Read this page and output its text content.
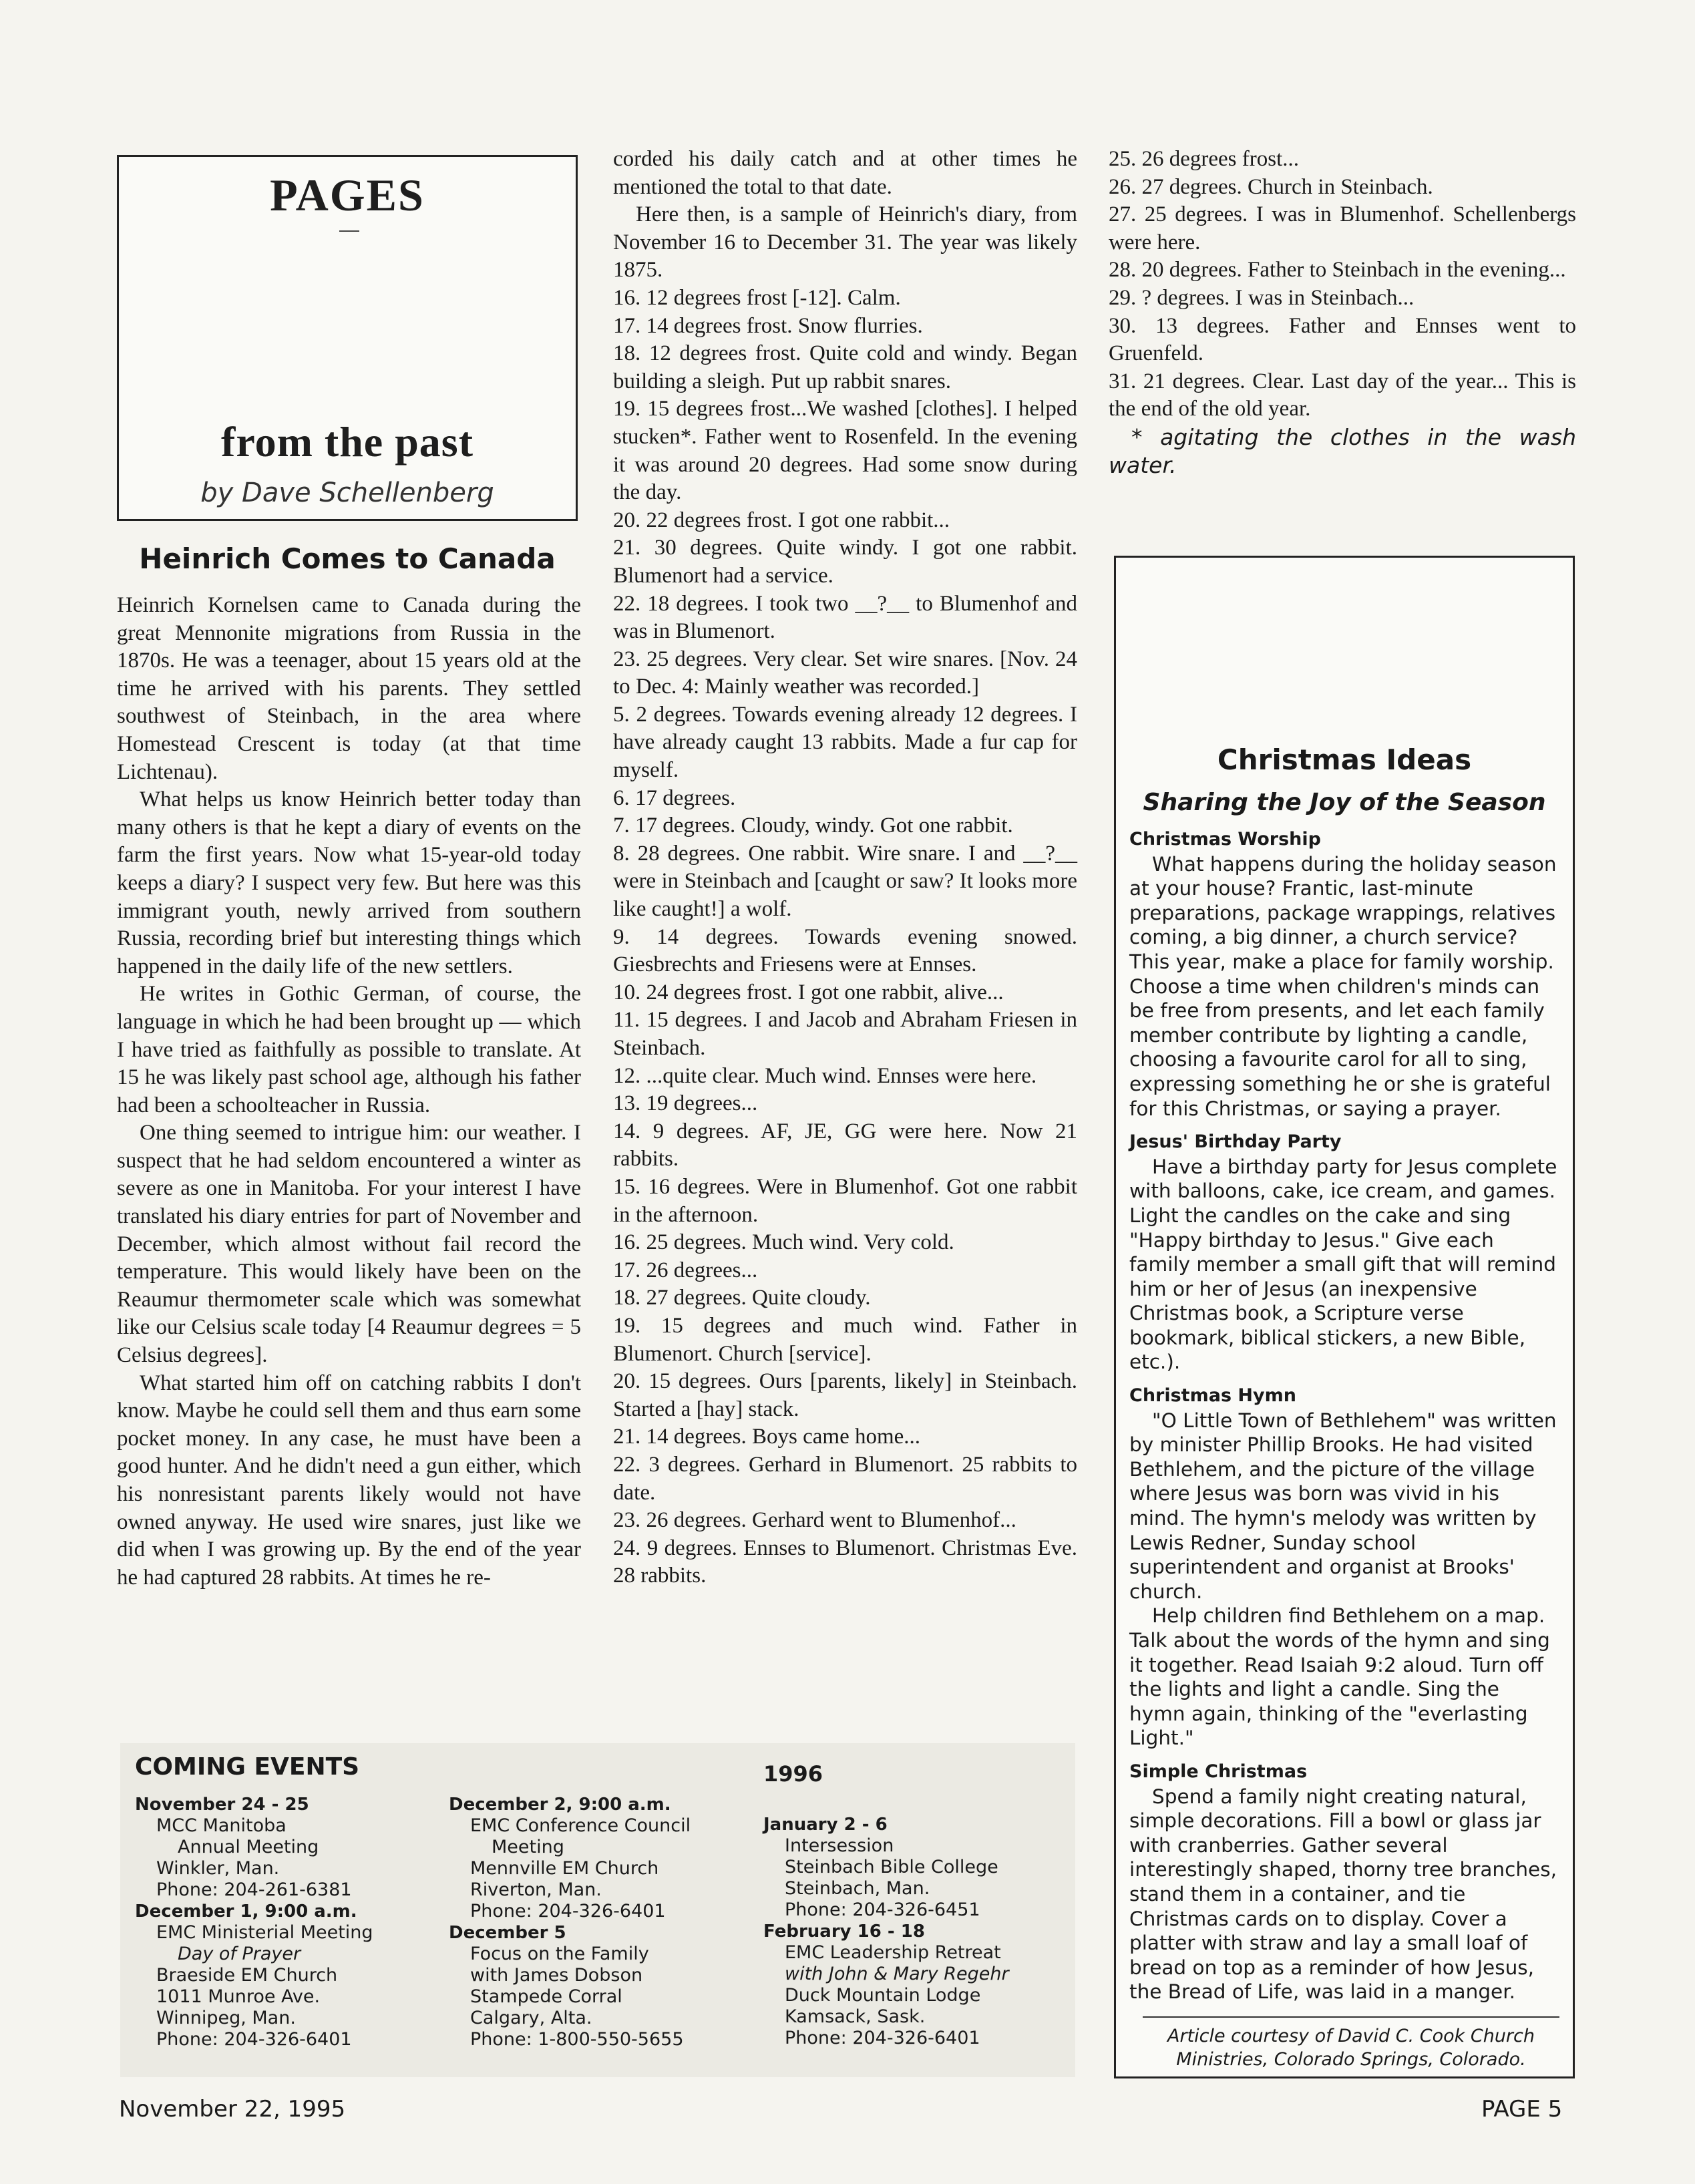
PAGES
from the past
by Dave Schellenberg
Heinrich Comes to Canada

Heinrich Kornelsen came to Canada during the great Mennonite migrations from Russia in the 1870s. He was a teenager, about 15 years old at the time he arrived with his parents. They settled southwest of Steinbach, in the area where Homestead Crescent is today (at that time Lichtenau).

What helps us know Heinrich better today than many others is that he kept a diary of events on the farm the first years. Now what 15-year-old today keeps a diary? I suspect very few. But here was this immigrant youth, newly arrived from southern Russia, recording brief but interesting things which happened in the daily life of the new settlers.

He writes in Gothic German, of course, the language in which he had been brought up — which I have tried as faithfully as possible to translate. At 15 he was likely past school age, although his father had been a schoolteacher in Russia.

One thing seemed to intrigue him: our weather. I suspect that he had seldom encountered a winter as severe as one in Manitoba. For your interest I have translated his diary entries for part of November and December, which almost without fail record the temperature. This would likely have been on the Reaumur thermometer scale which was somewhat like our Celsius scale today [4 Reaumur degrees = 5 Celsius degrees].

What started him off on catching rabbits I don't know. Maybe he could sell them and thus earn some pocket money. In any case, he must have been a good hunter. And he didn't need a gun either, which his nonresistant parents likely would not have owned anyway. He used wire snares, just like we did when I was growing up. By the end of the year he had captured 28 rabbits. At times he re-

corded his daily catch and at other times he mentioned the total to that date.

Here then, is a sample of Heinrich's diary, from November 16 to December 31. The year was likely 1875.

16. 12 degrees frost [-12]. Calm.

17. 14 degrees frost. Snow flurries.

18. 12 degrees frost. Quite cold and windy. Began building a sleigh. Put up rabbit snares.

19. 15 degrees frost...We washed [clothes]. I helped stucken*. Father went to Rosenfeld. In the evening it was around 20 degrees. Had some snow during the day.

20. 22 degrees frost. I got one rabbit...

21. 30 degrees. Quite windy. I got one rabbit. Blumenort had a service.

22. 18 degrees. I took two __?__ to Blumenhof and was in Blumenort.

23. 25 degrees. Very clear. Set wire snares. [Nov. 24 to Dec. 4: Mainly weather was recorded.]

5. 2 degrees. Towards evening already 12 degrees. I have already caught 13 rabbits. Made a fur cap for myself.

6. 17 degrees.

7. 17 degrees. Cloudy, windy. Got one rabbit.

8. 28 degrees. One rabbit. Wire snare. I and __?__ were in Steinbach and [caught or saw? It looks more like caught!] a wolf.

9. 14 degrees. Towards evening snowed. Giesbrechts and Friesens were at Ennses.

10. 24 degrees frost. I got one rabbit, alive...

11. 15 degrees. I and Jacob and Abraham Friesen in Steinbach.

12. ...quite clear. Much wind. Ennses were here.

13. 19 degrees...

14. 9 degrees. AF, JE, GG were here. Now 21 rabbits.

15. 16 degrees. Were in Blumenhof. Got one rabbit in the afternoon.

16. 25 degrees. Much wind. Very cold.

17. 26 degrees...

18. 27 degrees. Quite cloudy.

19. 15 degrees and much wind. Father in Blumenort. Church [service].

20. 15 degrees. Ours [parents, likely] in Steinbach. Started a [hay] stack.

21. 14 degrees. Boys came home...

22. 3 degrees. Gerhard in Blumenort. 25 rabbits to date.

23. 26 degrees. Gerhard went to Blumenhof...

24. 9 degrees. Ennses to Blumenort. Christmas Eve. 28 rabbits.

25. 26 degrees frost...

26. 27 degrees. Church in Steinbach.

27. 25 degrees. I was in Blumenhof. Schellenbergs were here.

28. 20 degrees. Father to Steinbach in the evening...

29. ? degrees. I was in Steinbach...

30. 13 degrees. Father and Ennses went to Gruenfeld.

31. 21 degrees. Clear. Last day of the year... This is the end of the old year.

* agitating the clothes in the wash water.

Christmas Ideas
Sharing the Joy of the Season
Christmas Worship

What happens during the holiday season at your house? Frantic, last-minute preparations, package wrappings, relatives coming, a big dinner, a church service? This year, make a place for family worship. Choose a time when children's minds can be free from presents, and let each family member contribute by lighting a candle, choosing a favourite carol for all to sing, expressing something he or she is grateful for this Christmas, or saying a prayer.

Jesus' Birthday Party

Have a birthday party for Jesus complete with balloons, cake, ice cream, and games. Light the candles on the cake and sing "Happy birthday to Jesus." Give each family member a small gift that will remind him or her of Jesus (an inexpensive Christmas book, a Scripture verse bookmark, biblical stickers, a new Bible, etc.).

Christmas Hymn

"O Little Town of Bethlehem" was written by minister Phillip Brooks. He had visited Bethlehem, and the picture of the village where Jesus was born was vivid in his mind. The hymn's melody was written by Lewis Redner, Sunday school superintendent and organist at Brooks' church.

Help children find Bethlehem on a map. Talk about the words of the hymn and sing it together. Read Isaiah 9:2 aloud. Turn off the lights and light a candle. Sing the hymn again, thinking of the "everlasting Light."

Simple Christmas

Spend a family night creating natural, simple decorations. Fill a bowl or glass jar with cranberries. Gather several interestingly shaped, thorny tree branches, stand them in a container, and tie Christmas cards on to display. Cover a platter with straw and lay a small loaf of bread on top as a reminder of how Jesus, the Bread of Life, was laid in a manger.

Article courtesy of David C. Cook Church Ministries, Colorado Springs, Colorado.
COMING EVENTS	1996
November 24 - 25
MCC Manitoba
Annual Meeting
Winkler, Man.
Phone: 204-261-6381
December 1, 9:00 a.m.
EMC Ministerial Meeting
Day of Prayer
Braeside EM Church
1011 Munroe Ave.
Winnipeg, Man.
Phone: 204-326-6401
December 2, 9:00 a.m.
EMC Conference Council
Meeting
Mennville EM Church
Riverton, Man.
Phone: 204-326-6401
December 5
Focus on the Family
with James Dobson
Stampede Corral
Calgary, Alta.
Phone: 1-800-550-5655
January 2 - 6
Intersession
Steinbach Bible College
Steinbach, Man.
Phone: 204-326-6451
February 16 - 18
EMC Leadership Retreat
with John & Mary Regehr
Duck Mountain Lodge
Kamsack, Sask.
Phone: 204-326-6401
November 22, 1995	PAGE 5
